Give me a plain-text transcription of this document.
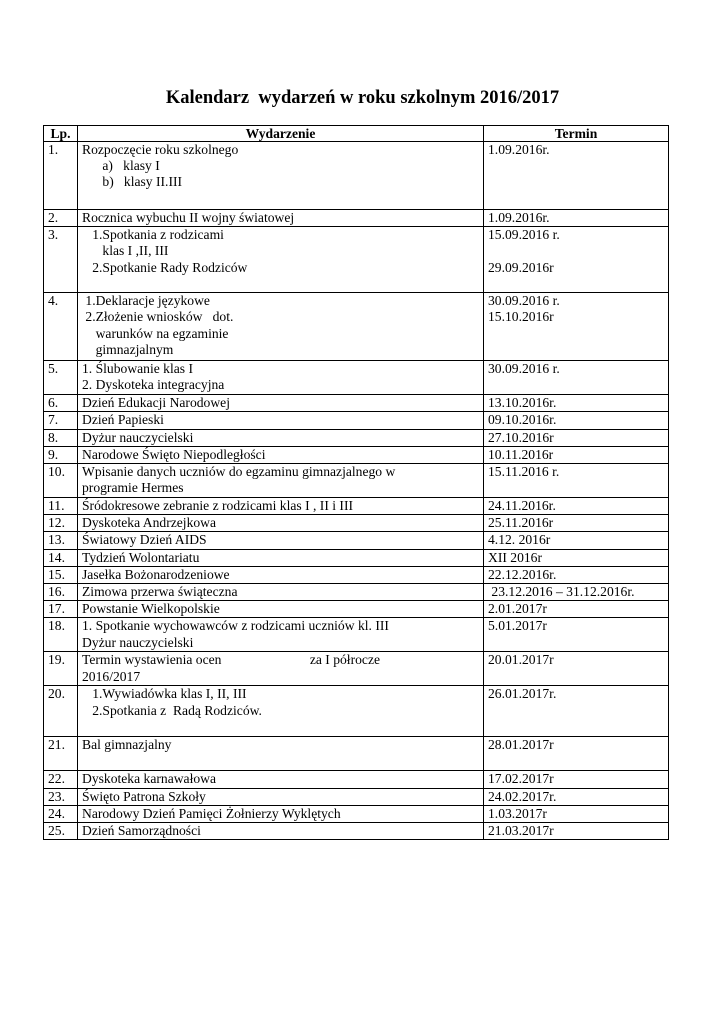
Kalendarz  wydarzeń w roku szkolnym 2016/2017
Lp.	Wydarzenie	Termin
1.	Rozpoczęcie roku szkolnego
a)   klasy I
b)   klasy II.III	1.09.2016r.

2.	Rocznica wybuchu II wojny światowej	1.09.2016r.

3.	1.Spotkania z rodzicami
klas I ,II, III
2.Spotkanie Rady Rodziców	15.09.2016 r.

29.09.2016r

4.	1.Deklaracje językowe
2.Złożenie wniosków   dot.
warunków na egzaminie
gimnazjalnym	30.09.2016 r.
15.10.2016r

5.	1. Ślubowanie klas I
2. Dyskoteka integracyjna	30.09.2016 r.

6.	Dzień Edukacji Narodowej	13.10.2016r.

7.	Dzień Papieski	09.10.2016r.

8.	Dyżur nauczycielski	27.10.2016r

9.	Narodowe Święto Niepodległości	10.11.2016r

10.	Wpisanie danych uczniów do egzaminu gimnazjalnego w
programie Hermes	15.11.2016 r.

11.	Śródokresowe zebranie z rodzicami klas I , II i III	24.11.2016r.

12.	Dyskoteka Andrzejkowa	25.11.2016r

13.	Światowy Dzień AIDS	4.12. 2016r

14.	Tydzień Wolontariatu	XII 2016r

15.	Jasełka Bożonarodzeniowe	22.12.2016r.

16.	Zimowa przerwa świąteczna	23.12.2016 – 31.12.2016r.

17.	Powstanie Wielkopolskie	2.01.2017r

18.	1. Spotkanie wychowawców z rodzicami uczniów kl. III
Dyżur nauczycielski	5.01.2017r

19.	Termin wystawienia ocen                          za I półrocze
2016/2017	20.01.2017r

20.	1.Wywiadówka klas I, II, III
2.Spotkania z  Radą Rodziców.	26.01.2017r.

21.	Bal gimnazjalny	28.01.2017r

22.	Dyskoteka karnawałowa	17.02.2017r

23.	Święto Patrona Szkoły	24.02.2017r.

24.	Narodowy Dzień Pamięci Żołnierzy Wyklętych	1.03.2017r

25.	Dzień Samorządności	21.03.2017r
